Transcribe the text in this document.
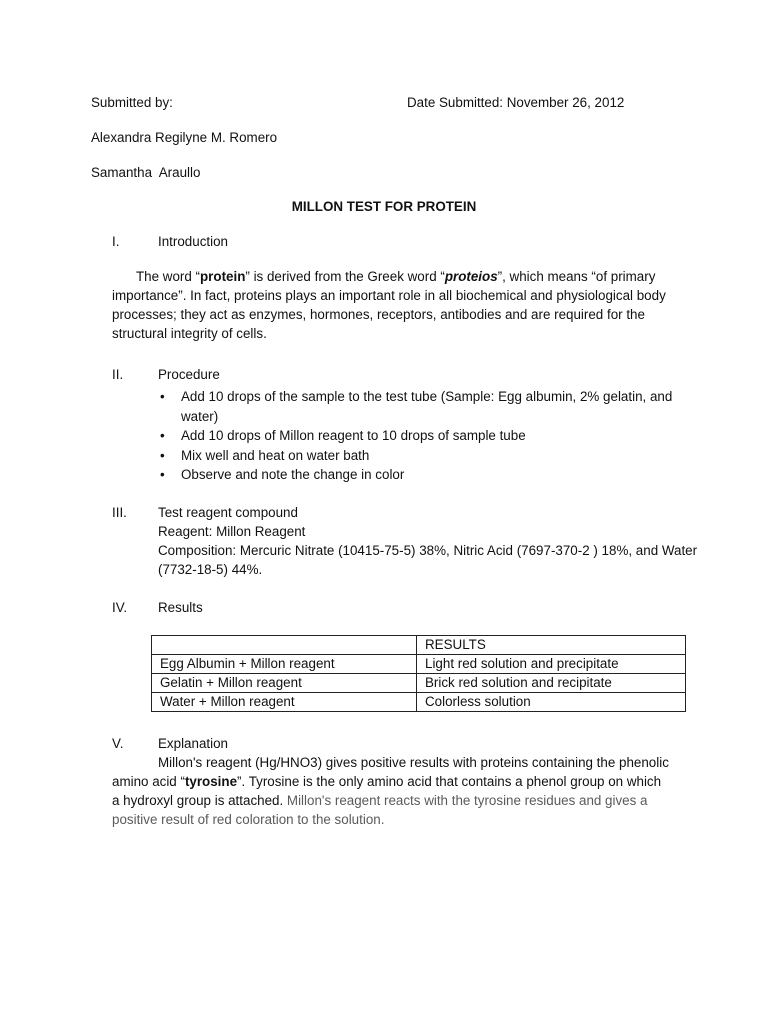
Submitted by:	Date Submitted: November 26, 2012
Alexandra Regilyne M. Romero
Samantha  Araullo
MILLON TEST FOR PROTEIN
I.	Introduction
The word “protein” is derived from the Greek word “proteios”, which means “of primary importance”. In fact, proteins plays an important role in all biochemical and physiological body processes; they act as enzymes, hormones, receptors, antibodies and are required for the structural integrity of cells.
II.	Procedure
• Add 10 drops of the sample to the test tube (Sample: Egg albumin, 2% gelatin, and water)
• Add 10 drops of Millon reagent to 10 drops of sample tube
• Mix well and heat on water bath
• Observe and note the change in color
III. Test reagent compound
Reagent: Millon Reagent
Composition: Mercuric Nitrate (10415-75-5) 38%, Nitric Acid (7697-370-2 ) 18%, and Water (7732-18-5) 44%.
IV. Results
	RESULTS
Egg Albumin + Millon reagent	Light red solution and precipitate
Gelatin + Millon reagent	Brick red solution and recipitate
Water + Millon reagent	Colorless solution
V.	Explanation
Millon's reagent (Hg/HNO3) gives positive results with proteins containing the phenolic amino acid “tyrosine”. Tyrosine is the only amino acid that contains a phenol group on which a hydroxyl group is attached. Millon's reagent reacts with the tyrosine residues and gives a positive result of red coloration to the solution.
